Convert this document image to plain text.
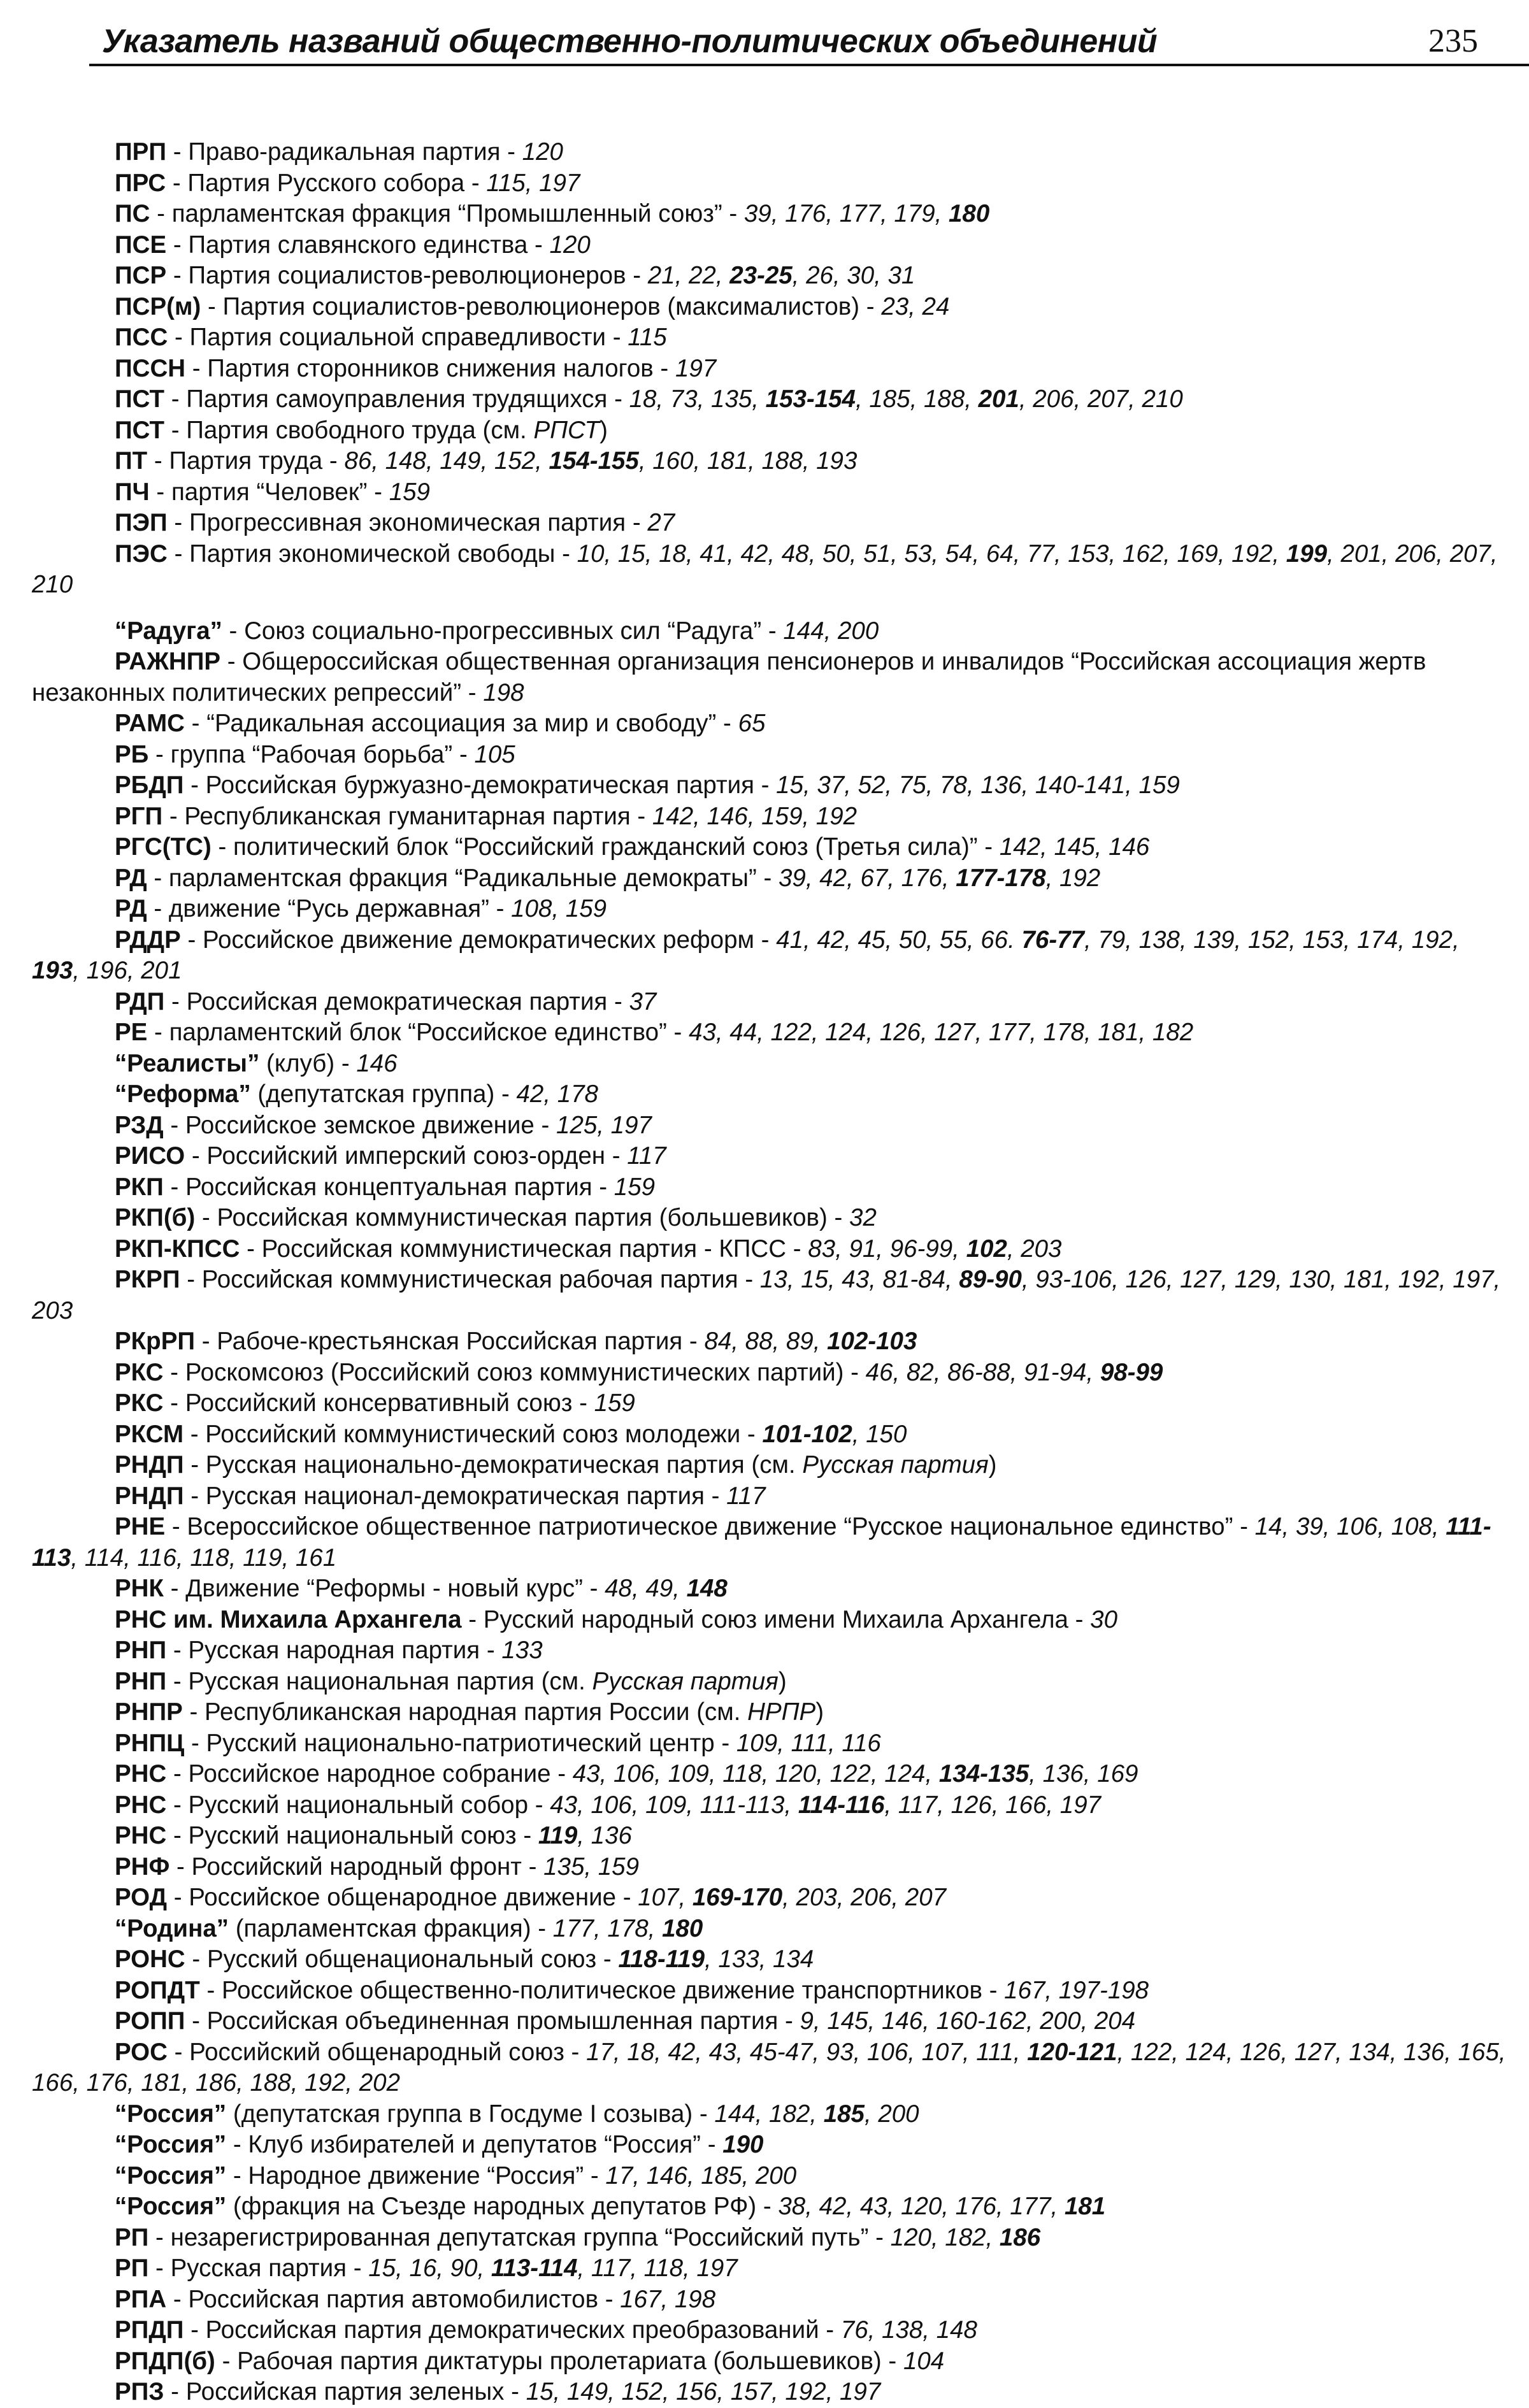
Указатель названий общественно-политических объединений	235

ПРП - Право-радикальная партия - 120

ПРС - Партия Русского собора - 115, 197

ПС - парламентская фракция “Промышленный союз” - 39, 176, 177, 179, 180

ПСЕ - Партия славянского единства - 120

ПСР - Партия социалистов-революционеров - 21, 22, 23-25, 26, 30, 31

ПСР(м) - Партия социалистов-революционеров (максималистов) - 23, 24

ПСС - Партия социальной справедливости - 115

ПССН - Партия сторонников снижения налогов - 197

ПСТ - Партия самоуправления трудящихся - 18, 73, 135, 153-154, 185, 188, 201, 206, 207, 210

ПСТ - Партия свободного труда (см. РПСТ)

ПТ - Партия труда - 86, 148, 149, 152, 154-155, 160, 181, 188, 193

ПЧ - партия “Человек” - 159

ПЭП - Прогрессивная экономическая партия - 27

ПЭС - Партия экономической свободы - 10, 15, 18, 41, 42, 48, 50, 51, 53, 54, 64, 77, 153, 162, 169, 192, 199, 201, 206, 207, 210

“Радуга” - Союз социально-прогрессивных сил “Радуга” - 144, 200

РАЖНПР - Общероссийская общественная организация пенсионеров и инвалидов “Российская ассоциация жертв незаконных политических репрессий” - 198

РАМС - “Радикальная ассоциация за мир и свободу” - 65

РБ - группа “Рабочая борьба” - 105

РБДП - Российская буржуазно-демократическая партия - 15, 37, 52, 75, 78, 136, 140-141, 159

РГП - Республиканская гуманитарная партия - 142, 146, 159, 192

РГС(ТС) - политический блок “Российский гражданский союз (Третья сила)” - 142, 145, 146

РД - парламентская фракция “Радикальные демократы” - 39, 42, 67, 176, 177-178, 192

РД - движение “Русь державная” - 108, 159

РДДР - Российское движение демократических реформ - 41, 42, 45, 50, 55, 66. 76-77, 79, 138, 139, 152, 153, 174, 192, 193, 196, 201

РДП - Российская демократическая партия - 37

РЕ - парламентский блок “Российское единство” - 43, 44, 122, 124, 126, 127, 177, 178, 181, 182

“Реалисты” (клуб) - 146

“Реформа” (депутатская группа) - 42, 178

РЗД - Российское земское движение - 125, 197

РИСО - Российский имперский союз-орден - 117

РКП - Российская концептуальная партия - 159

РКП(б) - Российская коммунистическая партия (большевиков) - 32

РКП-КПСС - Российская коммунистическая партия - КПСС - 83, 91, 96-99, 102, 203

РКРП - Российская коммунистическая рабочая партия - 13, 15, 43, 81-84, 89-90, 93-106, 126, 127, 129, 130, 181, 192, 197, 203

РКрРП - Рабоче-крестьянская Российская партия - 84, 88, 89, 102-103

РКС - Роскомсоюз (Российский союз коммунистических партий) - 46, 82, 86-88, 91-94, 98-99

РКС - Российский консервативный союз - 159

РКСМ - Российский коммунистический союз молодежи - 101-102, 150

РНДП - Русская национально-демократическая партия (см. Русская партия)

РНДП - Русская национал-демократическая партия - 117

РНЕ - Всероссийское общественное патриотическое движение “Русское национальное единство” - 14, 39, 106, 108, 111-113, 114, 116, 118, 119, 161

РНК - Движение “Реформы - новый курс” - 48, 49, 148

РНС им. Михаила Архангела - Русский народный союз имени Михаила Архангела - 30

РНП - Русская народная партия - 133

РНП - Русская национальная партия (см. Русская партия)

РНПР - Республиканская народная партия России (см. НРПР)

РНПЦ - Русский национально-патриотический центр - 109, 111, 116

РНС - Российское народное собрание - 43, 106, 109, 118, 120, 122, 124, 134-135, 136, 169

РНС - Русский национальный собор - 43, 106, 109, 111-113, 114-116, 117, 126, 166, 197

РНС - Русский национальный союз - 119, 136

РНФ - Российский народный фронт - 135, 159

РОД - Российское общенародное движение - 107, 169-170, 203, 206, 207

“Родина” (парламентская фракция) - 177, 178, 180

РОНС - Русский общенациональный союз - 118-119, 133, 134

РОПДТ - Российское общественно-политическое движение транспортников - 167, 197-198

РОПП - Российская объединенная промышленная партия - 9, 145, 146, 160-162, 200, 204

РОС - Российский общенародный союз - 17, 18, 42, 43, 45-47, 93, 106, 107, 111, 120-121, 122, 124, 126, 127, 134, 136, 165, 166, 176, 181, 186, 188, 192, 202

“Россия” (депутатская группа в Госдуме I созыва) - 144, 182, 185, 200

“Россия” - Клуб избирателей и депутатов “Россия” - 190

“Россия” - Народное движение “Россия” - 17, 146, 185, 200

“Россия” (фракция на Съезде народных депутатов РФ) - 38, 42, 43, 120, 176, 177, 181

РП - незарегистрированная депутатская группа “Российский путь” - 120, 182, 186

РП - Русская партия - 15, 16, 90, 113-114, 117, 118, 197

РПА - Российская партия автомобилистов - 167, 198

РПДП - Российская партия демократических преобразований - 76, 138, 148

РПДП(б) - Рабочая партия диктатуры пролетариата (большевиков) - 104

РПЗ - Российская партия зеленых - 15, 149, 152, 156, 157, 192, 197
